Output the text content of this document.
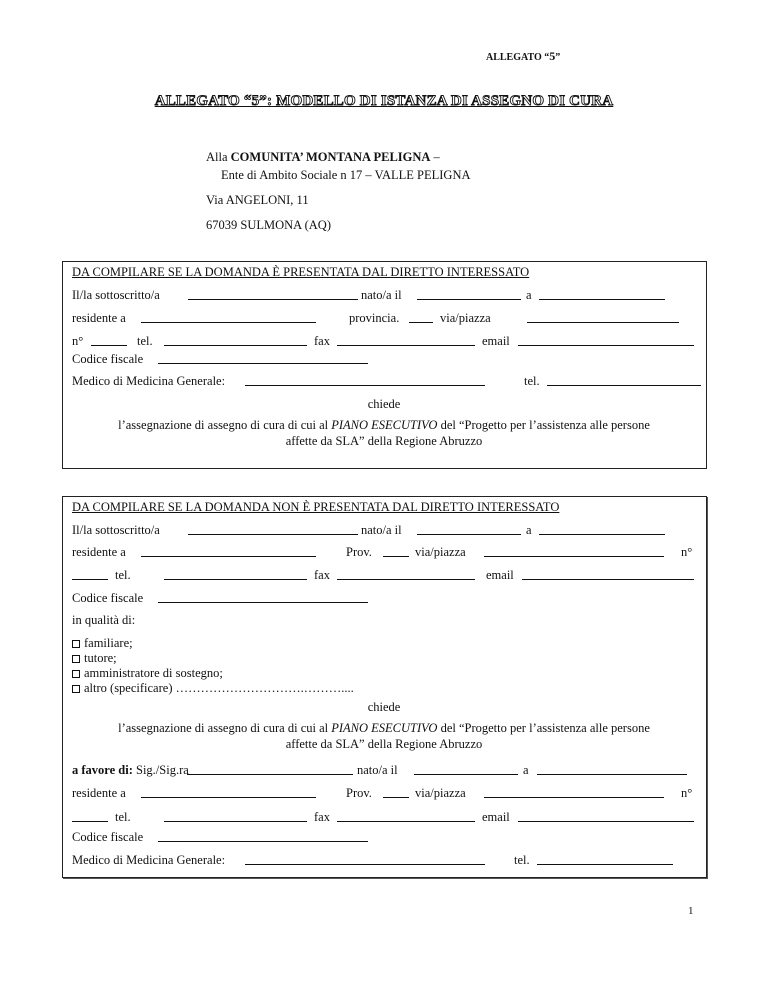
ALLEGATO “5”
ALLEGATO “5”: MODELLO DI ISTANZA DI ASSEGNO DI CURA
Alla COMUNITA’ MONTANA PELIGNA –
Ente di Ambito Sociale n 17 – VALLE PELIGNA
Via ANGELONI, 11
67039 SULMONA (AQ)
DA COMPILARE SE LA DOMANDA È PRESENTATA DAL DIRETTO INTERESSATO
Il/la sottoscritto/a	nato/a il	a
residente a	provincia.	via/piazza
n°	tel.	fax	email
Codice fiscale
Medico di Medicina Generale:	tel.
chiede
l’assegnazione di assegno di cura di cui al PIANO ESECUTIVO del “Progetto per l’assistenza alle persone
affette da SLA” della Regione Abruzzo
DA COMPILARE SE LA DOMANDA NON È PRESENTATA DAL DIRETTO INTERESSATO
Il/la sottoscritto/a	nato/a il	a
residente a	Prov.	via/piazza	n°
tel.	fax	email
Codice fiscale
in qualità di:
familiare;
tutore;
amministratore di sostegno;
altro (specificare) ………………………….………....
chiede
l’assegnazione di assegno di cura di cui al PIANO ESECUTIVO del “Progetto per l’assistenza alle persone
affette da SLA” della Regione Abruzzo
a favore di: Sig./Sig.ra	nato/a il	a
residente a	Prov.	via/piazza	n°
tel.	fax	email
Codice fiscale
Medico di Medicina Generale:	tel.
1
